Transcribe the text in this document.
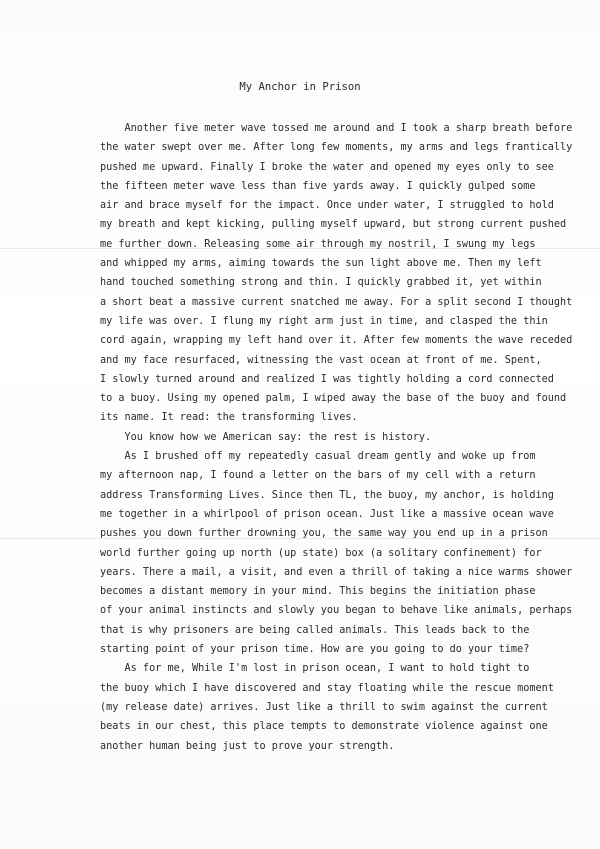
My Anchor in Prison
Another five meter wave tossed me around and I took a sharp breath before
the water swept over me. After long few moments, my arms and legs frantically
pushed me upward. Finally I broke the water and opened my eyes only to see
the fifteen meter wave less than five yards away. I quickly gulped some
air and brace myself for the impact. Once under water, I struggled to hold
my breath and kept kicking, pulling myself upward, but strong current pushed
me further down. Releasing some air through my nostril, I swung my legs
and whipped my arms, aiming towards the sun light above me. Then my left
hand touched something strong and thin. I quickly grabbed it, yet within
a short beat a massive current snatched me away. For a split second I thought
my life was over. I flung my right arm just in time, and clasped the thin
cord again, wrapping my left hand over it. After few moments the wave receded
and my face resurfaced, witnessing the vast ocean at front of me. Spent,
I slowly turned around and realized I was tightly holding a cord connected
to a buoy. Using my opened palm, I wiped away the base of the buoy and found
its name. It read: the transforming lives.
You know how we American say: the rest is history.
As I brushed off my repeatedly casual dream gently and woke up from
my afternoon nap, I found a letter on the bars of my cell with a return
address Transforming Lives. Since then TL, the buoy, my anchor, is holding
me together in a whirlpool of prison ocean. Just like a massive ocean wave
pushes you down further drowning you, the same way you end up in a prison
world further going up north (up state) box (a solitary confinement) for
years. There a mail, a visit, and even a thrill of taking a nice warms shower
becomes a distant memory in your mind. This begins the initiation phase
of your animal instincts and slowly you began to behave like animals, perhaps
that is why prisoners are being called animals. This leads back to the
starting point of your prison time. How are you going to do your time?
As for me, While I'm lost in prison ocean, I want to hold tight to
the buoy which I have discovered and stay floating while the rescue moment
(my release date) arrives. Just like a thrill to swim against the current
beats in our chest, this place tempts to demonstrate violence against one
another human being just to prove your strength.
